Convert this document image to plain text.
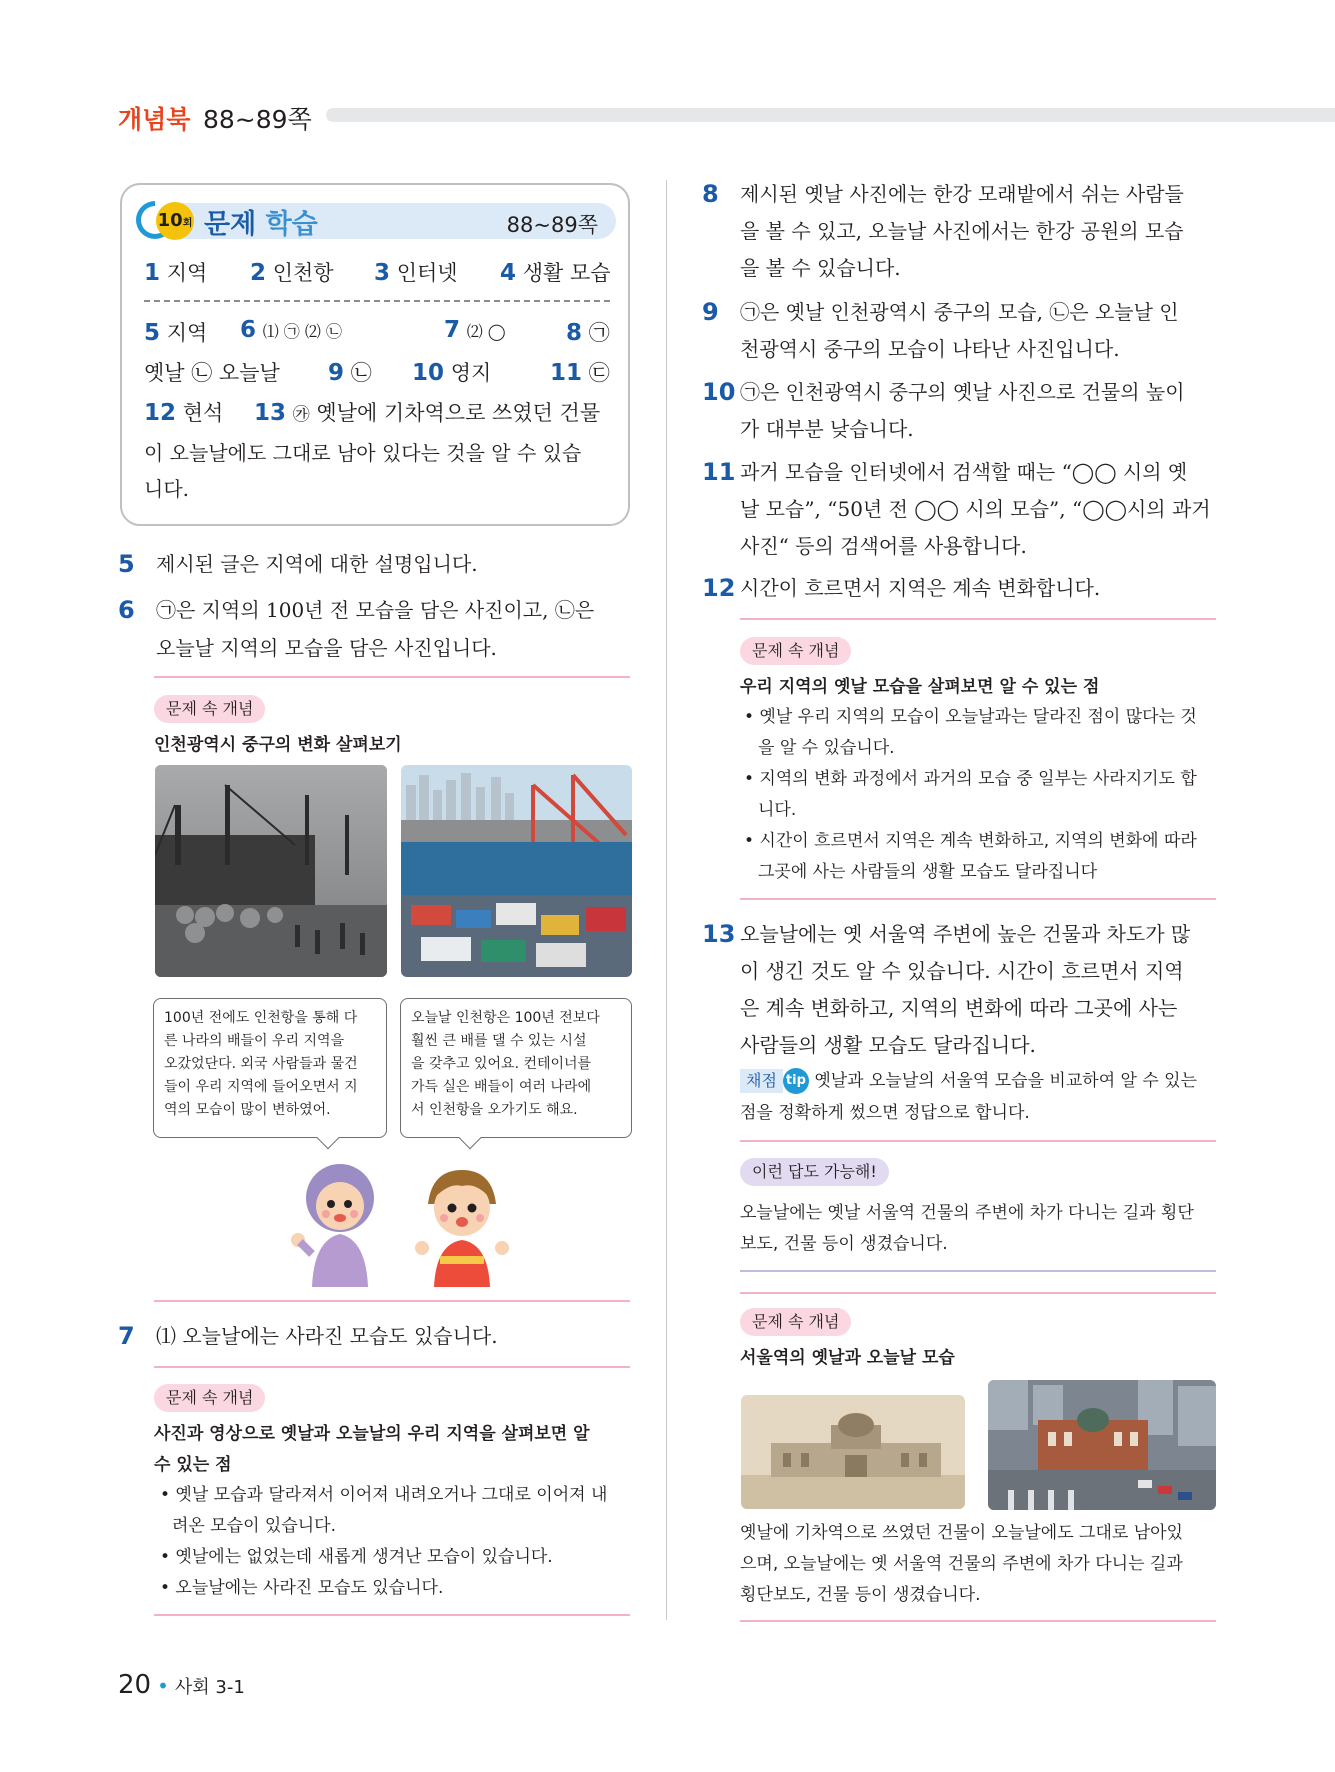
개념북 88~89쪽
10회 문제 학습	88~89쪽
1 지역 2 인천항 3 인터넷 4 생활 모습
5 지역 6 ⑴ ㉠ ⑵ ㉡	7 ⑵ ◯	8 ㉠
옛날 ㉡ 오늘날 9 ㉡ 10 영지	11 ㉢
12 현석 13 ㉮ 옛날에 기차역으로 쓰였던 건물
이 오늘날에도 그대로 남아 있다는 것을 알 수 있습
니다.
5 제시된 글은 지역에 대한 설명입니다.
6 ㉠은 지역의 100년 전 모습을 담은 사진이고, ㉡은
오늘날 지역의 모습을 담은 사진입니다.
문제 속 개념
인천광역시 중구의 변화 살펴보기
100년 전에도 인천항을 통해 다
른 나라의 배들이 우리 지역을
오갔었단다. 외국 사람들과 물건
들이 우리 지역에 들어오면서 지
역의 모습이 많이 변하였어.
오늘날 인천항은 100년 전보다
훨씬 큰 배를 댈 수 있는 시설
을 갖추고 있어요. 컨테이너를
가득 실은 배들이 여러 나라에
서 인천항을 오가기도 해요.
7 ⑴ 오늘날에는 사라진 모습도 있습니다.
문제 속 개념
사진과 영상으로 옛날과 오늘날의 우리 지역을 살펴보면 알
수 있는 점
• 옛날 모습과 달라져서 이어져 내려오거나 그대로 이어져 내
려온 모습이 있습니다.
• 옛날에는 없었는데 새롭게 생겨난 모습이 있습니다.
• 오늘날에는 사라진 모습도 있습니다.
8 제시된 옛날 사진에는 한강 모래밭에서 쉬는 사람들
을 볼 수 있고, 오늘날 사진에서는 한강 공원의 모습
을 볼 수 있습니다.
9 ㉠은 옛날 인천광역시 중구의 모습, ㉡은 오늘날 인
천광역시 중구의 모습이 나타난 사진입니다.
10 ㉠은 인천광역시 중구의 옛날 사진으로 건물의 높이
가 대부분 낮습니다.
11 과거 모습을 인터넷에서 검색할 때는 “◯◯ 시의 옛
날 모습”, “50년 전 ◯◯ 시의 모습”, “◯◯시의 과거
사진“ 등의 검색어를 사용합니다.
12 시간이 흐르면서 지역은 계속 변화합니다.
문제 속 개념
우리 지역의 옛날 모습을 살펴보면 알 수 있는 점
• 옛날 우리 지역의 모습이 오늘날과는 달라진 점이 많다는 것
을 알 수 있습니다.
• 지역의 변화 과정에서 과거의 모습 중 일부는 사라지기도 합
니다.
• 시간이 흐르면서 지역은 계속 변화하고, 지역의 변화에 따라
그곳에 사는 사람들의 생활 모습도 달라집니다
13 오늘날에는 옛 서울역 주변에 높은 건물과 차도가 많
이 생긴 것도 알 수 있습니다. 시간이 흐르면서 지역
은 계속 변화하고, 지역의 변화에 따라 그곳에 사는
사람들의 생활 모습도 달라집니다.
채점 tip 옛날과 오늘날의 서울역 모습을 비교하여 알 수 있는
점을 정확하게 썼으면 정답으로 합니다.
이런 답도 가능해!
오늘날에는 옛날 서울역 건물의 주변에 차가 다니는 길과 횡단
보도, 건물 등이 생겼습니다.
문제 속 개념
서울역의 옛날과 오늘날 모습
옛날에 기차역으로 쓰였던 건물이 오늘날에도 그대로 남아있
으며, 오늘날에는 옛 서울역 건물의 주변에 차가 다니는 길과
횡단보도, 건물 등이 생겼습니다.
20 • 사회 3-1
